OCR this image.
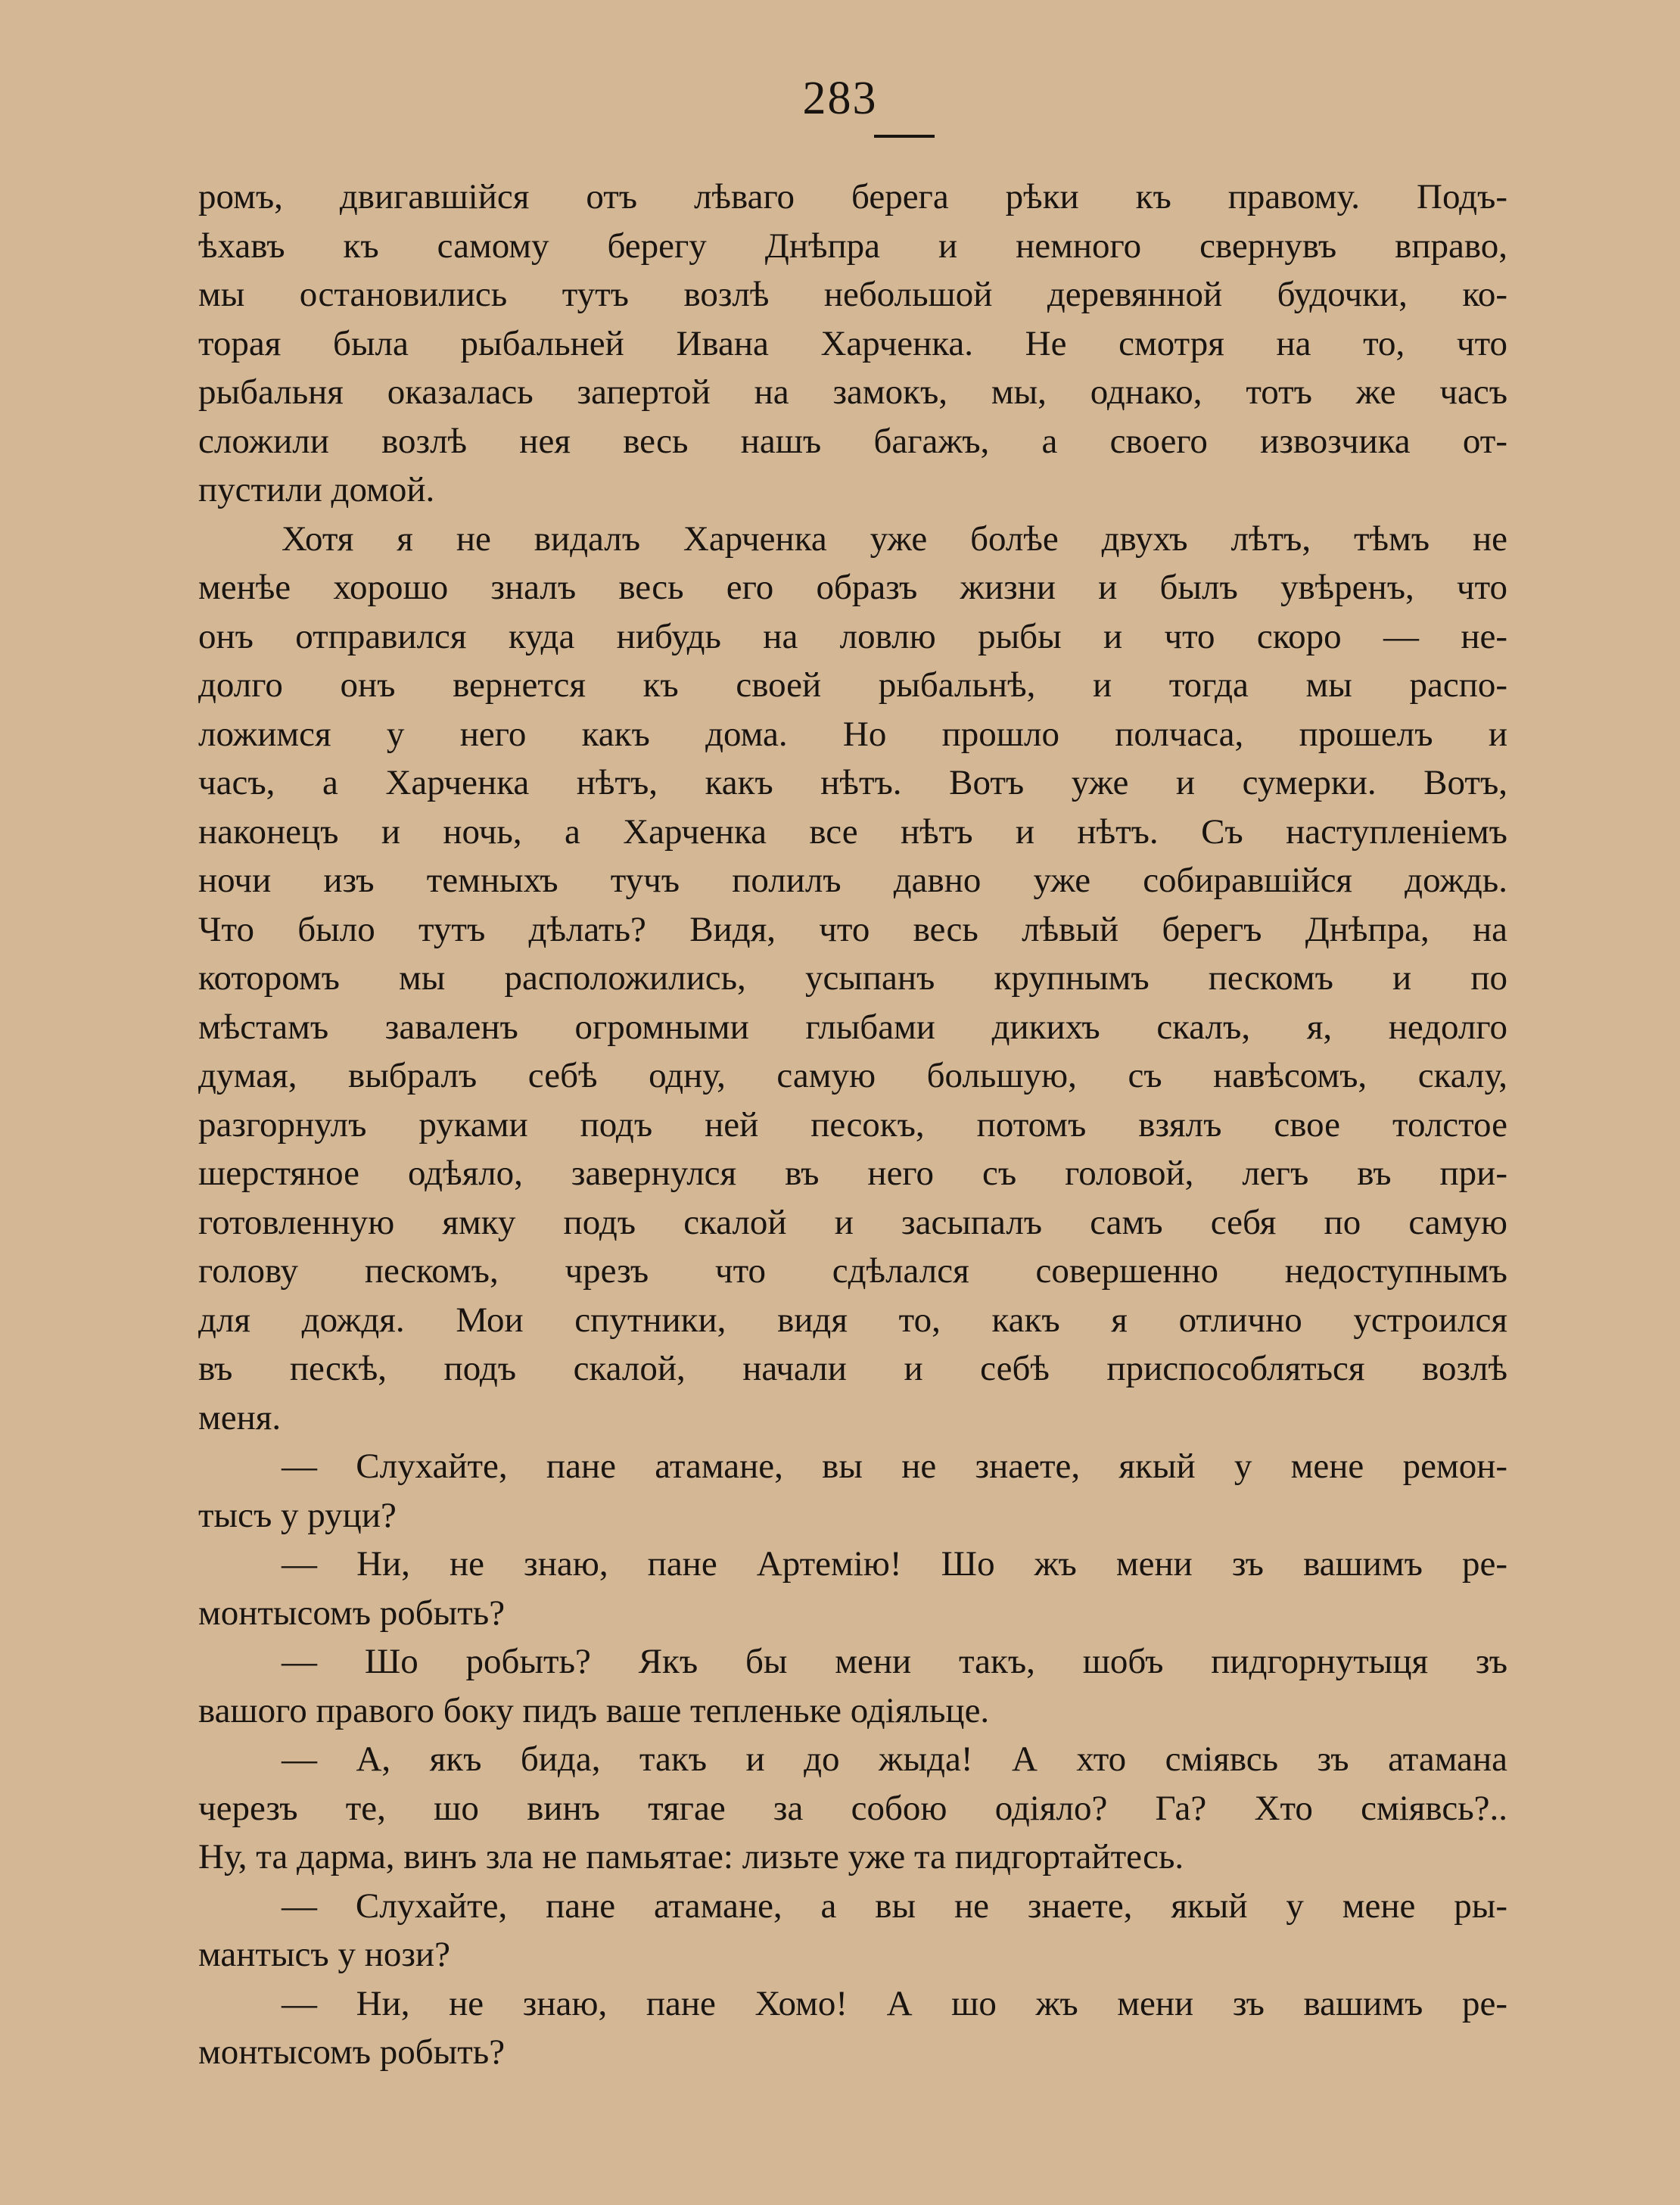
283
ромъ, двигавшійся отъ лѣваго берега рѣки къ правому. Подъ-
ѣхавъ къ самому берегу Днѣпра и немного свернувъ вправо,
мы остановились тутъ возлѣ небольшой деревянной будочки, ко-
торая была рыбальней Ивана Харченка. Не смотря на то, что
рыбальня оказалась запертой на замокъ, мы, однако, тотъ же часъ
сложили возлѣ нея весь нашъ багажъ, а своего извозчика от-
пустили домой.
Хотя я не видалъ Харченка уже болѣе двухъ лѣтъ, тѣмъ не
менѣе хорошо зналъ весь его образъ жизни и былъ увѣренъ, что
онъ отправился куда нибудь на ловлю рыбы и что скоро — не-
долго онъ вернется къ своей рыбальнѣ, и тогда мы распо-
ложимся у него какъ дома. Но прошло полчаса, прошелъ и
часъ, а Харченка нѣтъ, какъ нѣтъ. Вотъ уже и сумерки. Вотъ,
наконецъ и ночь, а Харченка все нѣтъ и нѣтъ. Съ наступленіемъ
ночи изъ темныхъ тучъ полилъ давно уже собиравшійся дождь.
Что было тутъ дѣлать? Видя, что весь лѣвый берегъ Днѣпра, на
которомъ мы расположились, усыпанъ крупнымъ пескомъ и по
мѣстамъ заваленъ огромными глыбами дикихъ скалъ, я, недолго
думая, выбралъ себѣ одну, самую большую, съ навѣсомъ, скалу,
разгорнулъ руками подъ ней песокъ, потомъ взялъ свое толстое
шерстяное одѣяло, завернулся въ него съ головой, легъ въ при-
готовленную ямку подъ скалой и засыпалъ самъ себя по самую
голову пескомъ, чрезъ что сдѣлался совершенно недоступнымъ
для дождя. Мои спутники, видя то, какъ я отлично устроился
въ пескѣ, подъ скалой, начали и себѣ приспособляться возлѣ
меня.
— Слухайте, пане атамане, вы не знаете, якый у мене ремон-
тысъ у руци?
— Ни, не знаю, пане Артемію! Шо жъ мени зъ вашимъ ре-
монтысомъ робыть?
— Шо робыть? Якъ бы мени такъ, шобъ пидгорнутыця зъ
вашого правого боку пидъ ваше тепленьке одіяльце.
— А, якъ бида, такъ и до жыда! А хто сміявсь зъ атамана
черезъ те, шо винъ тягае за собою одіяло? Га? Хто сміявсь?..
Ну, та дарма, винъ зла не памьятае: лизьте уже та пидгортайтесь.
— Слухайте, пане атамане, а вы не знаете, якый у мене ры-
мантысъ у нози?
— Ни, не знаю, пане Хомо! А шо жъ мени зъ вашимъ ре-
монтысомъ робыть?
